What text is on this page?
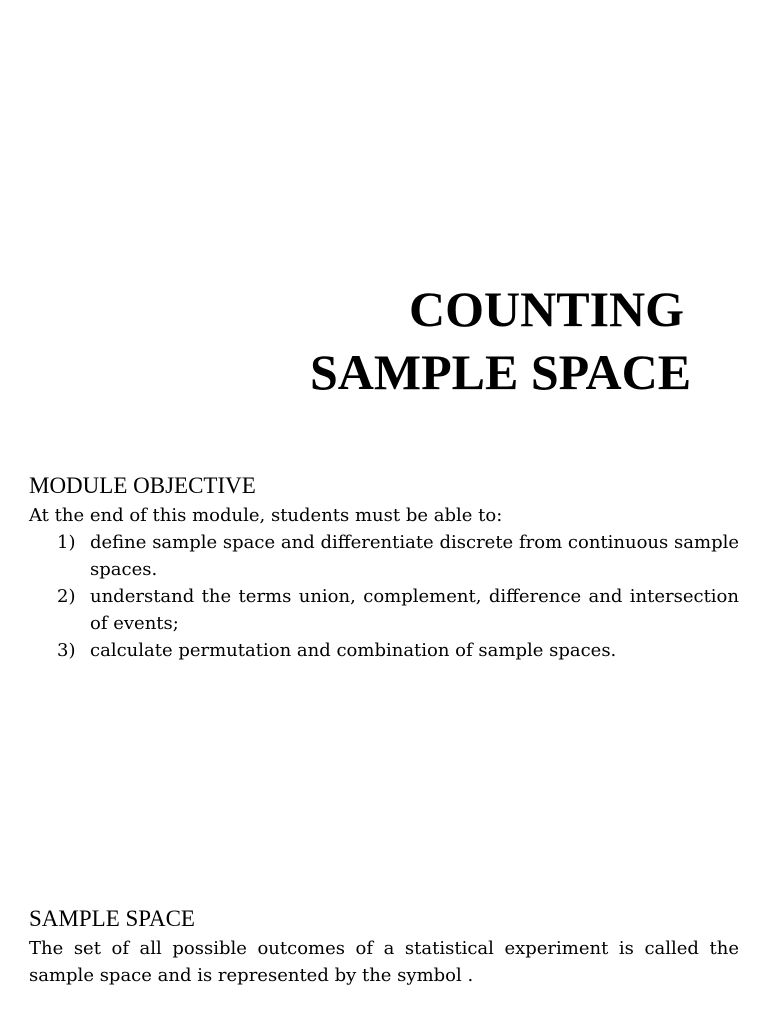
COUNTING
SAMPLE SPACE
MODULE OBJECTIVE

At the end of this module, students must be able to:

1) define sample space and differentiate discrete from continuous sample spaces.
2) understand the terms union, complement, difference and intersection of events;
3) calculate permutation and combination of sample spaces.
SAMPLE SPACE

The set of all possible outcomes of a statistical experiment is called the sample space and is represented by the symbol .
